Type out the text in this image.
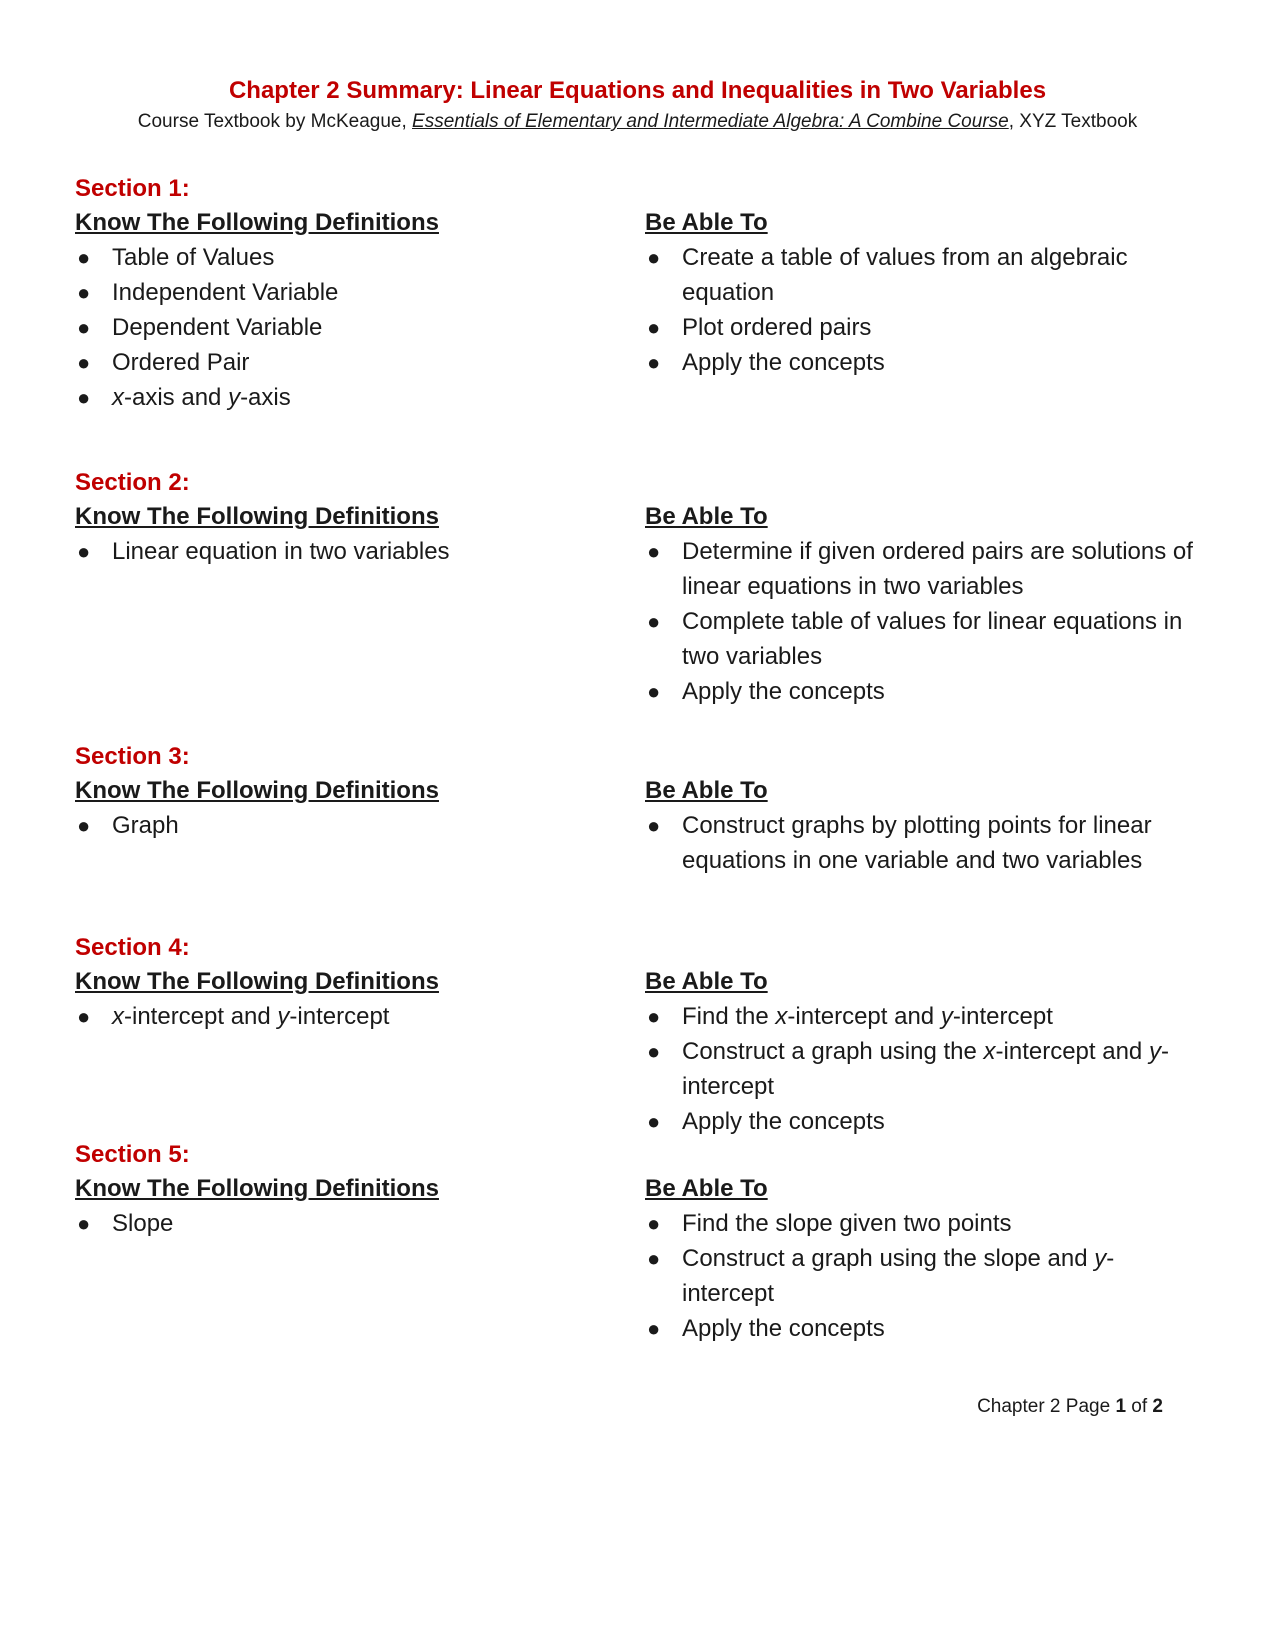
Chapter 2 Summary: Linear Equations and Inequalities in Two Variables
Course Textbook by McKeague, Essentials of Elementary and Intermediate Algebra: A Combine Course, XYZ Textbook
Section 1:
Know The Following Definitions
● Table of Values
● Independent Variable
● Dependent Variable
● Ordered Pair
● x-axis and y-axis
Be Able To
● Create a table of values from an algebraic equation
● Plot ordered pairs
● Apply the concepts
Section 2:
Know The Following Definitions
● Linear equation in two variables
Be Able To
● Determine if given ordered pairs are solutions of linear equations in two variables
● Complete table of values for linear equations in two variables
● Apply the concepts
Section 3:
Know The Following Definitions
● Graph
Be Able To
● Construct graphs by plotting points for linear equations in one variable and two variables
Section 4:
Know The Following Definitions
● x-intercept and y-intercept
Be Able To
● Find the x-intercept and y-intercept
● Construct a graph using the x-intercept and y-intercept
● Apply the concepts
Section 5:
Know The Following Definitions
● Slope
Be Able To
● Find the slope given two points
● Construct a graph using the slope and y-intercept
● Apply the concepts
Chapter 2 Page 1 of 2
